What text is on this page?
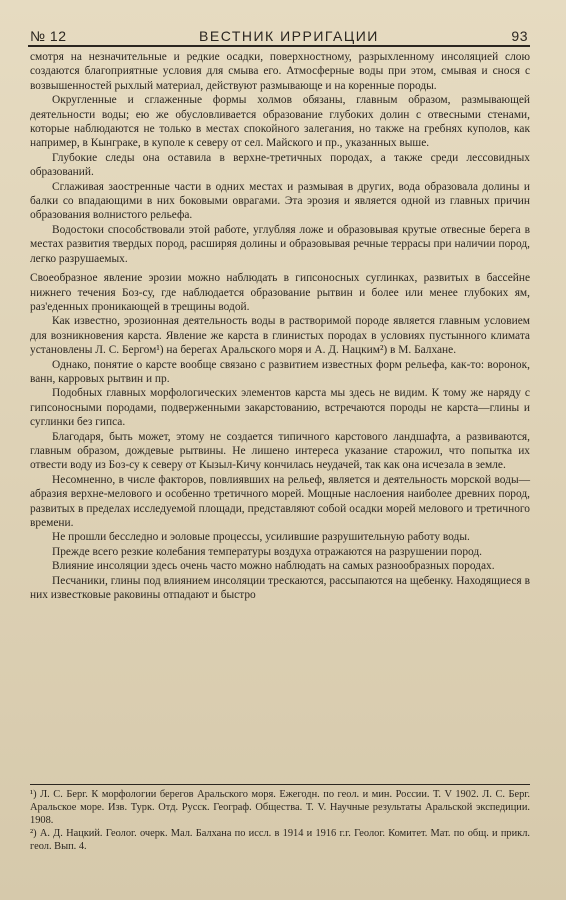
№ 12	ВЕСТНИК ИРРИГАЦИИ	93

смотря на незначительные и редкие осадки, поверхностному, разрыхленному инсоляцией слою создаются благоприятные условия для смыва его. Атмосферные воды при этом, смывая и снося с возвышенностей рыхлый материал, действуют размывающе и на коренные породы.

Округленные и сглаженные формы холмов обязаны, главным образом, размывающей деятельности воды; ею же обусловливается образование глубоких долин с отвесными стенами, которые наблюдаются не только в местах спокойного залегания, но также на гребнях куполов, как например, в Кынграке, в куполе к северу от сел. Майского и пр., указанных выше.

Глубокие следы она оставила в верхне-третичных породах, а также среди лессовидных образований.

Сглаживая заостренные части в одних местах и размывая в других, вода образовала долины и балки со впадающими в них боковыми оврагами. Эта эрозия и является одной из главных причин образования волнистого рельефа.

Водостоки способствовали этой работе, углубляя ложе и образовывая крутые отвесные берега в местах развития твердых пород, расширяя долины и образовывая речные террасы при наличии пород, легко разрушаемых.

Своеобразное явление эрозии можно наблюдать в гипсоносных суглинках, развитых в бассейне нижнего течения Боз-су, где наблюдается образование рытвин и более или менее глубоких ям, раз'еденных проникающей в трещины водой.

Как известно, эрозионная деятельность воды в растворимой породе является главным условием для возникновения карста. Явление же карста в глинистых породах в условиях пустынного климата установлены Л. С. Бергом¹) на берегах Аральского моря и А. Д. Нацким²) в М. Балхане.

Однако, понятие о карсте вообще связано с развитием известных форм рельефа, как-то: воронок, ванн, карровых рытвин и пр.

Подобных главных морфологических элементов карста мы здесь не видим. К тому же наряду с гипсоносными породами, подверженными закарстованию, встречаются породы не карста—глины и суглинки без гипса.

Благодаря, быть может, этому не создается типичного карстового ландшафта, а развиваются, главным образом, дождевые рытвины. Не лишено интереса указание старожил, что попытка их отвести воду из Боз-су к северу от Кызыл-Кичу кончилась неудачей, так как она исчезала в земле.

Несомненно, в числе факторов, повлиявших на рельеф, является и деятельность морской воды—абразия верхне-мелового и особенно третичного морей. Мощные наслоения наиболее древних пород, развитых в пределах исследуемой площади, представляют собой осадки морей мелового и третичного времени.

Не прошли бесследно и эоловые процессы, усилившие разрушительную работу воды.

Прежде всего резкие колебания температуры воздуха отражаются на разрушении пород.

Влияние инсоляции здесь очень часто можно наблюдать на самых разнообразных породах.

Песчаники, глины под влиянием инсоляции трескаются, рассыпаются на щебенку. Находящиеся в них известковые раковины отпадают и быстро

¹) Л. С. Берг. К морфологии берегов Аральского моря. Ежегодн. по геол. и мин. России. Т. V 1902. Л. С. Берг. Аральское море. Изв. Турк. Отд. Русск. Географ. Общества. Т. V. Научные результаты Аральской экспедиции. 1908.

²) А. Д. Нацкий. Геолог. очерк. Мал. Балхана по иссл. в 1914 и 1916 г.г. Геолог. Комитет. Мат. по общ. и прикл. геол. Вып. 4.
